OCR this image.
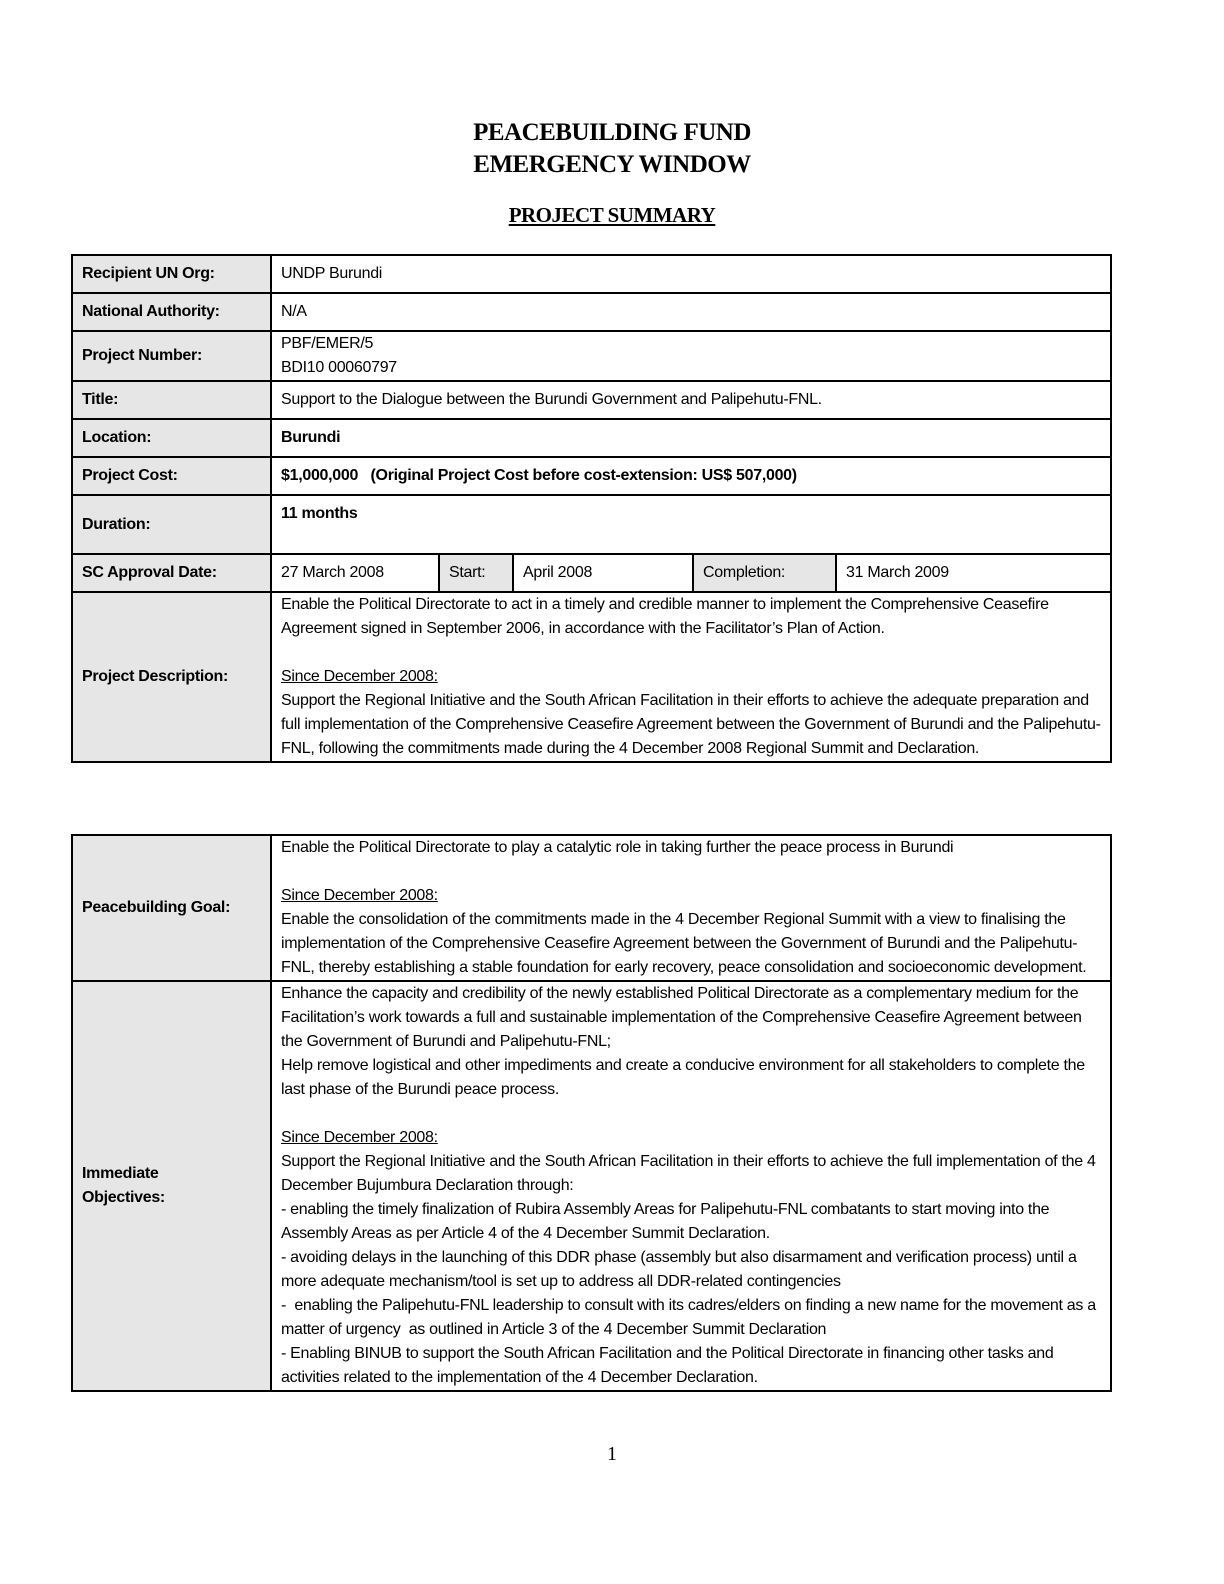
PEACEBUILDING FUND
EMERGENCY WINDOW
PROJECT SUMMARY
Recipient UN Org:	UNDP Burundi				
National Authority:	N/A				
Project Number:	PBF/EMER/5
BDI10 00060797				

Title:	Support to the Dialogue between the Burundi Government and Palipehutu-FNL.				
Location:	Burundi				
Project Cost:	$1,000,000   (Original Project Cost before cost-extension: US$ 507,000)				
Duration:	11 months				
SC Approval Date:	27 March 2008	Start:	April 2008	Completion:	31 March 2009
Project Description:	Enable the Political Directorate to act in a timely and credible manner to implement the Comprehensive Ceasefire Agreement signed in September 2006, in accordance with the Facilitator’s Plan of Action.
Since December 2008:
Support the Regional Initiative and the South African Facilitation in their efforts to achieve the adequate preparation and full implementation of the Comprehensive Ceasefire Agreement between the Government of Burundi and the Palipehutu-FNL, following the commitments made during the 4 December 2008 Regional Summit and Declaration.				
Peacebuilding Goal:	Enable the Political Directorate to play a catalytic role in taking further the peace process in Burundi
Since December 2008:
Enable the consolidation of the commitments made in the 4 December Regional Summit with a view to finalising the implementation of the Comprehensive Ceasefire Agreement between the Government of Burundi and the Palipehutu-FNL, thereby establishing a stable foundation for early recovery, peace consolidation and socioeconomic development.

Immediate
Objectives:

Enhance the capacity and credibility of the newly established Political Directorate as a complementary medium for the Facilitation’s work towards a full and sustainable implementation of the Comprehensive Ceasefire Agreement between the Government of Burundi and Palipehutu-FNL;
Help remove logistical and other impediments and create a conducive environment for all stakeholders to complete the last phase of the Burundi peace process.
Since December 2008:
Support the Regional Initiative and the South African Facilitation in their efforts to achieve the full implementation of the 4 December Bujumbura Declaration through:
- enabling the timely finalization of Rubira Assembly Areas for Palipehutu-FNL combatants to start moving into the Assembly Areas as per Article 4 of the 4 December Summit Declaration.
- avoiding delays in the launching of this DDR phase (assembly but also disarmament and verification process) until a more adequate mechanism/tool is set up to address all DDR-related contingencies
-  enabling the Palipehutu-FNL leadership to consult with its cadres/elders on finding a new name for the movement as a matter of urgency  as outlined in Article 3 of the 4 December Summit Declaration
- Enabling BINUB to support the South African Facilitation and the Political Directorate in financing other tasks and activities related to the implementation of the 4 December Declaration.
1
